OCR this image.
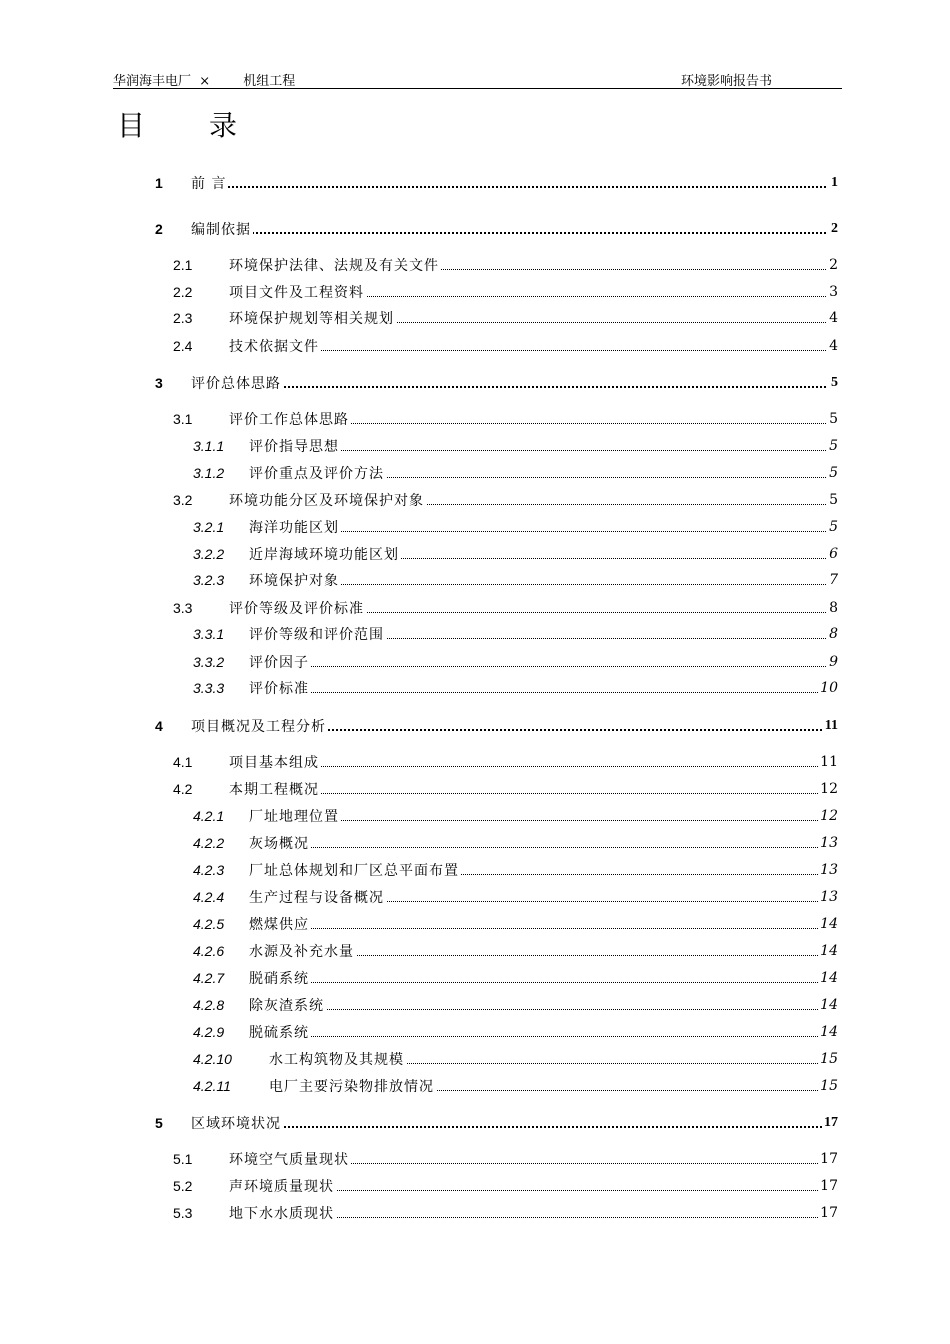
华润海丰电厂  ×        机组工程	环境影响报告书
目录
1 前 言	1
2 编制依据	2
2.1	环境保护法律、法规及有关文件	2
2.2	项目文件及工程资料	3
2.3	环境保护规划等相关规划	4
2.4	技术依据文件	4
3 评价总体思路	5
3.1	评价工作总体思路	5
3.1.1 评价指导思想	5
3.1.2 评价重点及评价方法	5
3.2	环境功能分区及环境保护对象	5
3.2.1 海洋功能区划	5
3.2.2 近岸海域环境功能区划	6
3.2.3 环境保护对象	7
3.3	评价等级及评价标准	8
3.3.1 评价等级和评价范围	8
3.3.2 评价因子	9
3.3.3 评价标准	10
4 项目概况及工程分析	11
4.1	项目基本组成	11
4.2	本期工程概况	12
4.2.1 厂址地理位置	12
4.2.2 灰场概况	13
4.2.3 厂址总体规划和厂区总平面布置	13
4.2.4 生产过程与设备概况	13
4.2.5 燃煤供应	14
4.2.6 水源及补充水量	14
4.2.7 脱硝系统	14
4.2.8 除灰渣系统	14
4.2.9 脱硫系统	14
4.2.10	水工构筑物及其规模	15
4.2.11	电厂主要污染物排放情况	15
5 区域环境状况	17
5.1	环境空气质量现状	17
5.2	声环境质量现状	17
5.3	地下水水质现状	17
